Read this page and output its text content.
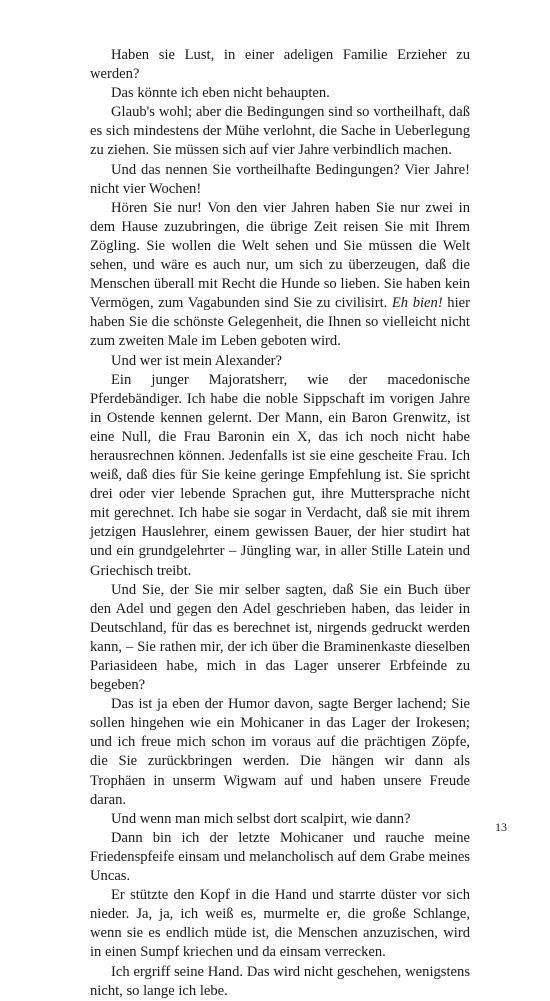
Haben sie Lust, in einer adeligen Familie Erzieher zu werden?

Das könnte ich eben nicht behaupten.

Glaub's wohl; aber die Bedingungen sind so vortheilhaft, daß es sich mindestens der Mühe verlohnt, die Sache in Ueberlegung zu ziehen. Sie müssen sich auf vier Jahre verbindlich machen.

Und das nennen Sie vortheilhafte Bedingungen? Vier Jahre! nicht vier Wochen!

Hören Sie nur! Von den vier Jahren haben Sie nur zwei in dem Hause zuzubringen, die übrige Zeit reisen Sie mit Ihrem Zögling. Sie wollen die Welt sehen und Sie müssen die Welt sehen, und wäre es auch nur, um sich zu überzeugen, daß die Menschen überall mit Recht die Hunde so lieben. Sie haben kein Vermögen, zum Vagabunden sind Sie zu civilisirt. Eh bien! hier haben Sie die schönste Gelegenheit, die Ihnen so vielleicht nicht zum zweiten Male im Leben geboten wird.

Und wer ist mein Alexander?

Ein junger Majoratsherr, wie der macedonische Pferdebändiger. Ich habe die noble Sippschaft im vorigen Jahre in Ostende kennen gelernt. Der Mann, ein Baron Grenwitz, ist eine Null, die Frau Baronin ein X, das ich noch nicht habe herausrechnen können. Jedenfalls ist sie eine gescheite Frau. Ich weiß, daß dies für Sie keine geringe Empfehlung ist. Sie spricht drei oder vier lebende Sprachen gut, ihre Muttersprache nicht mit gerechnet. Ich habe sie sogar in Verdacht, daß sie mit ihrem jetzigen Hauslehrer, einem gewissen Bauer, der hier studirt hat und ein grundgelehrter – Jüngling war, in aller Stille Latein und Griechisch treibt.

Und Sie, der Sie mir selber sagten, daß Sie ein Buch über den Adel und gegen den Adel geschrieben haben, das leider in Deutschland, für das es berechnet ist, nirgends gedruckt werden kann, – Sie rathen mir, der ich über die Braminenkaste dieselben Pariasideen habe, mich in das Lager unserer Erbfeinde zu begeben?

Das ist ja eben der Humor davon, sagte Berger lachend; Sie sollen hingehen wie ein Mohicaner in das Lager der Irokesen; und ich freue mich schon im voraus auf die prächtigen Zöpfe, die Sie zurückbringen werden. Die hängen wir dann als Trophäen in unserm Wigwam auf und haben unsere Freude daran.

Und wenn man mich selbst dort scalpirt, wie dann?

Dann bin ich der letzte Mohicaner und rauche meine Friedenspfeife einsam und melancholisch auf dem Grabe meines Uncas.

Er stützte den Kopf in die Hand und starrte düster vor sich nieder. Ja, ja, ich weiß es, murmelte er, die große Schlange, wenn sie es endlich müde ist, die Menschen anzuzischen, wird in einen Sumpf kriechen und da einsam verrecken.

Ich ergriff seine Hand. Das wird nicht geschehen, wenigstens nicht, so lange ich lebe.

13
